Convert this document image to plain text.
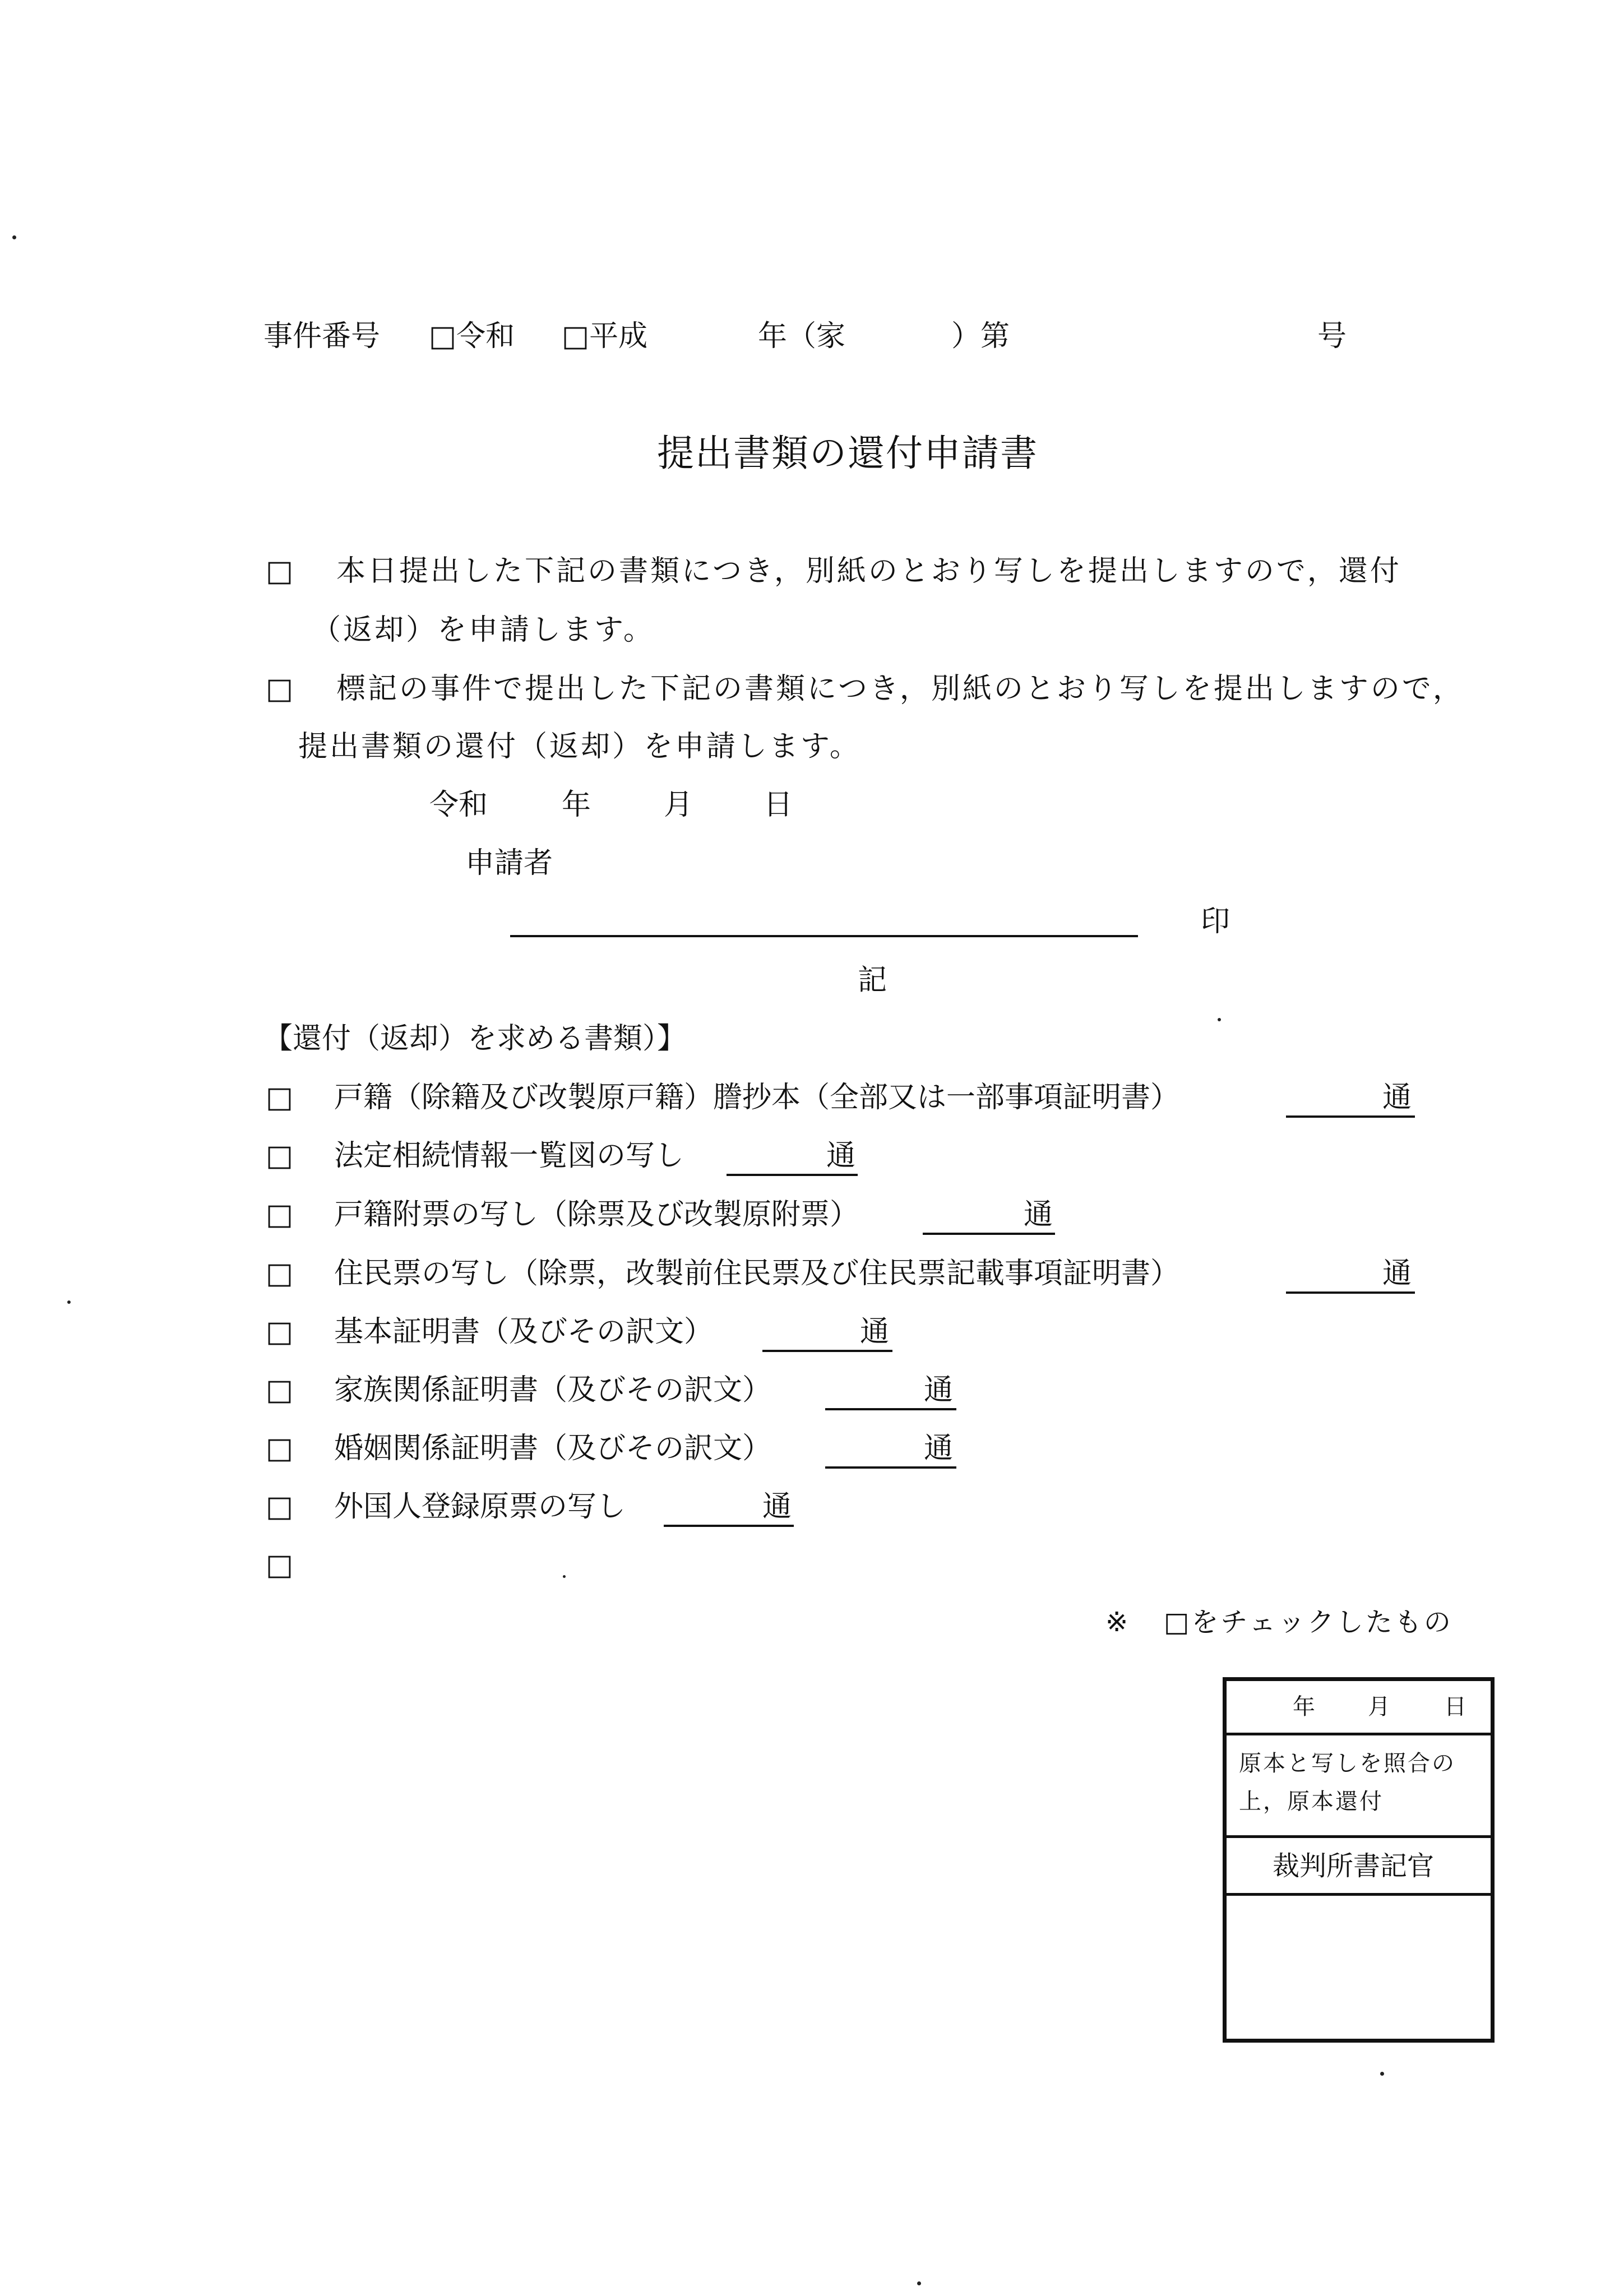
事件番号 □	令和 □	平成	年（家	）第	号
提出書類の還付申請書
□
本日提出した下記の書類につき，別紙のとおり写しを提出しますので，還付
（返却）を申請します。
□
標記の事件で提出した下記の書類につき，別紙のとおり写しを提出しますので，
提出書類の還付（返却）を申請します。
令和	年 月 日
申請者
印
記
【還付（返却）を求める書類）】
□
戸籍（除籍及び改製原戸籍）謄抄本（全部又は一部事項証明書）	通
□
法定相続情報一覧図の写し	通
□
戸籍附票の写し（除票及び改製原附票）	通
□
住民票の写し（除票，改製前住民票及び住民票記載事項証明書）	通
□
基本証明書（及びその訳文）	通
□
家族関係証明書（及びその訳文）	通
□
婚姻関係証明書（及びその訳文）	通
□
外国人登録原票の写し	通
□
※ □をチェックしたもの
年 月 日
原本と写しを照合の
上，原本還付
裁判所書記官
